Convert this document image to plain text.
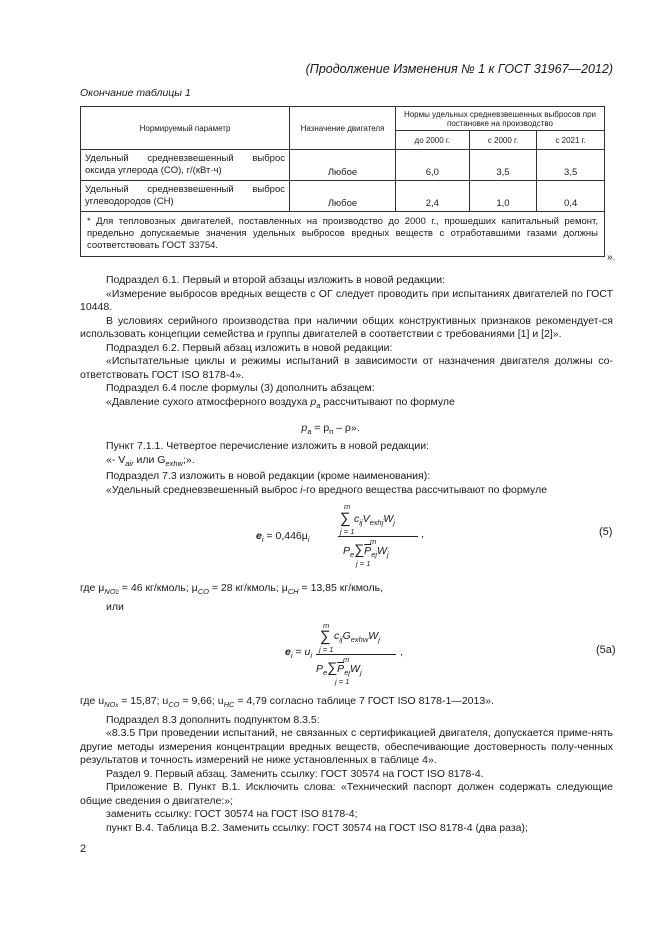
(Продолжение Изменения № 1 к ГОСТ 31967—2012)
Окончание таблицы 1
Нормируемый параметр	Назначение двигателя	Нормы удельных средневзвешенных выбросов при постановке на производство		
		до 2000 г.	с 2000 г.	с 2021 г.
Удельный средневзвешенный выброс оксида углерода (CO), г/(кВт·ч)	Любое	6,0	3,5	3,5
Удельный средневзвешенный выброс углеводородов (CH)	Любое	2,4	1,0	0,4
* Для тепловозных двигателей, поставленных на производство до 2000 г., прошедших капитальный ремонт, предельно допускаемые значения удельных выбросов вредных веществ с отработавшими газами должны соответствовать ГОСТ 33754.				
».

Подраздел 6.1. Первый и второй абзацы изложить в новой редакции:

«Измерение выбросов вредных веществ с ОГ следует проводить при испытаниях двигателей по ГОСТ 10448.

В условиях серийного производства при наличии общих конструктивных признаков рекомендует-ся использовать концепции семейства и группы двигателей в соответствии с требованиями [1] и [2]».

Подраздел 6.2. Первый абзац изложить в новой редакции:

«Испытательные циклы и режимы испытаний в зависимости от назначения двигателя должны со-ответствовать ГОСТ ISO 8178-4».

Подраздел 6.4 после формулы (3) дополнить абзацем:

«Давление сухого атмосферного воздуха $p_а$ рассчитывают по формуле

$p_а = p_п - \rho$».

Пункт 7.1.1. Четвертое перечисление изложить в новой редакции:

«- $V_{air}$ или $G_{exhw}$;».

Подраздел 7.3 изложить в новой редакции (кроме наименования):

«Удельный средневзвешенный выброс i-го вредного вещества рассчитывают по формуле

$e_i = 0,446\mu_i$
m
∑
j = 1
$c_{ij}V_{exhj}W_j$
m
$P_e\sum\overline{P}_{ej}W_j$
j = 1
,	(5)

где $\mu_{NO2} = 46$ кг/кмоль; $\mu_{CO} = 28$ кг/кмоль; $\mu_{CH} = 13,85$ кг/кмоль,

или

$e_i = u_i$
m
∑
j = 1
$c_{ij}G_{exhw}W_j$
m
$P_e\sum\overline{P}_{ej}W_j$
j = 1
,	(5a)

где $u_{NOx} = 15,87$; $u_{CO} = 9,66$; $u_{HC} = 4,79$ согласно таблице 7 ГОСТ ISO 8178-1—2013».

Подраздел 8.3 дополнить подпунктом 8.3.5:

«8.3.5 При проведении испытаний, не связанных с сертификацией двигателя, допускается приме-нять другие методы измерения концентрации вредных веществ, обеспечивающие достоверность полу-ченных результатов и точность измерений не ниже установленных в таблице 4».

Раздел 9. Первый абзац. Заменить ссылку: ГОСТ 30574 на ГОСТ ISO 8178-4.

Приложение В. Пункт В.1. Исключить слова: «Технический паспорт должен содержать следующие общие сведения о двигателе:»;

заменить ссылку: ГОСТ 30574 на ГОСТ ISO 8178-4;

пункт В.4. Таблица В.2. Заменить ссылку: ГОСТ 30574 на ГОСТ ISO 8178-4 (два раза);

2
